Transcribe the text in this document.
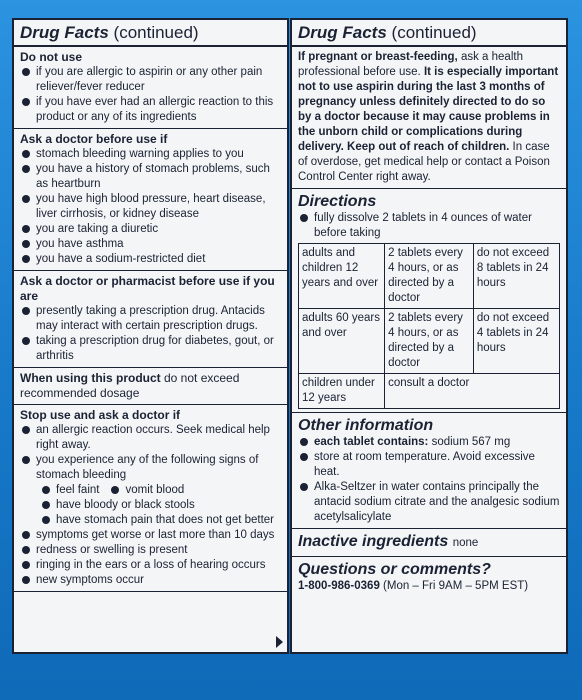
Drug Facts (continued)
Do not use
if you are allergic to aspirin or any other pain reliever/fever reducer
if you have ever had an allergic reaction to this product or any of its ingredients
Ask a doctor before use if
stomach bleeding warning applies to you
you have a history of stomach problems, such as heartburn
you have high blood pressure, heart disease, liver cirrhosis, or kidney disease
you are taking a diuretic
you have asthma
you have a sodium-restricted diet
Ask a doctor or pharmacist before use if you are
presently taking a prescription drug. Antacids may interact with certain prescription drugs.
taking a prescription drug for diabetes, gout, or arthritis
When using this product do not exceed recommended dosage
Stop use and ask a doctor if
an allergic reaction occurs. Seek medical help right away.
you experience any of the following signs of stomach bleeding
feel faint	vomit blood
have bloody or black stools
have stomach pain that does not get better
symptoms get worse or last more than 10 days
redness or swelling is present
ringing in the ears or a loss of hearing occurs
new symptoms occur
Drug Facts (continued)
If pregnant or breast-feeding, ask a health professional before use. It is especially important not to use aspirin during the last 3 months of pregnancy unless definitely directed to do so by a doctor because it may cause problems in the unborn child or complications during delivery. Keep out of reach of children. In case of overdose, get medical help or contact a Poison Control Center right away.
Directions
fully dissolve 2 tablets in 4 ounces of water before taking
adults and children 12 years and over	2 tablets every 4 hours, or as directed by a doctor	do not exceed 8 tablets in 24 hours
adults 60 years and over	2 tablets every 4 hours, or as directed by a doctor	do not exceed 4 tablets in 24 hours
children under 12 years	consult a doctor	
Other information
each tablet contains: sodium 567 mg
store at room temperature. Avoid excessive heat.
Alka-Seltzer in water contains principally the antacid sodium citrate and the analgesic sodium acetylsalicylate
Inactive ingredients none
Questions or comments?
1-800-986-0369 (Mon – Fri 9AM – 5PM EST)
